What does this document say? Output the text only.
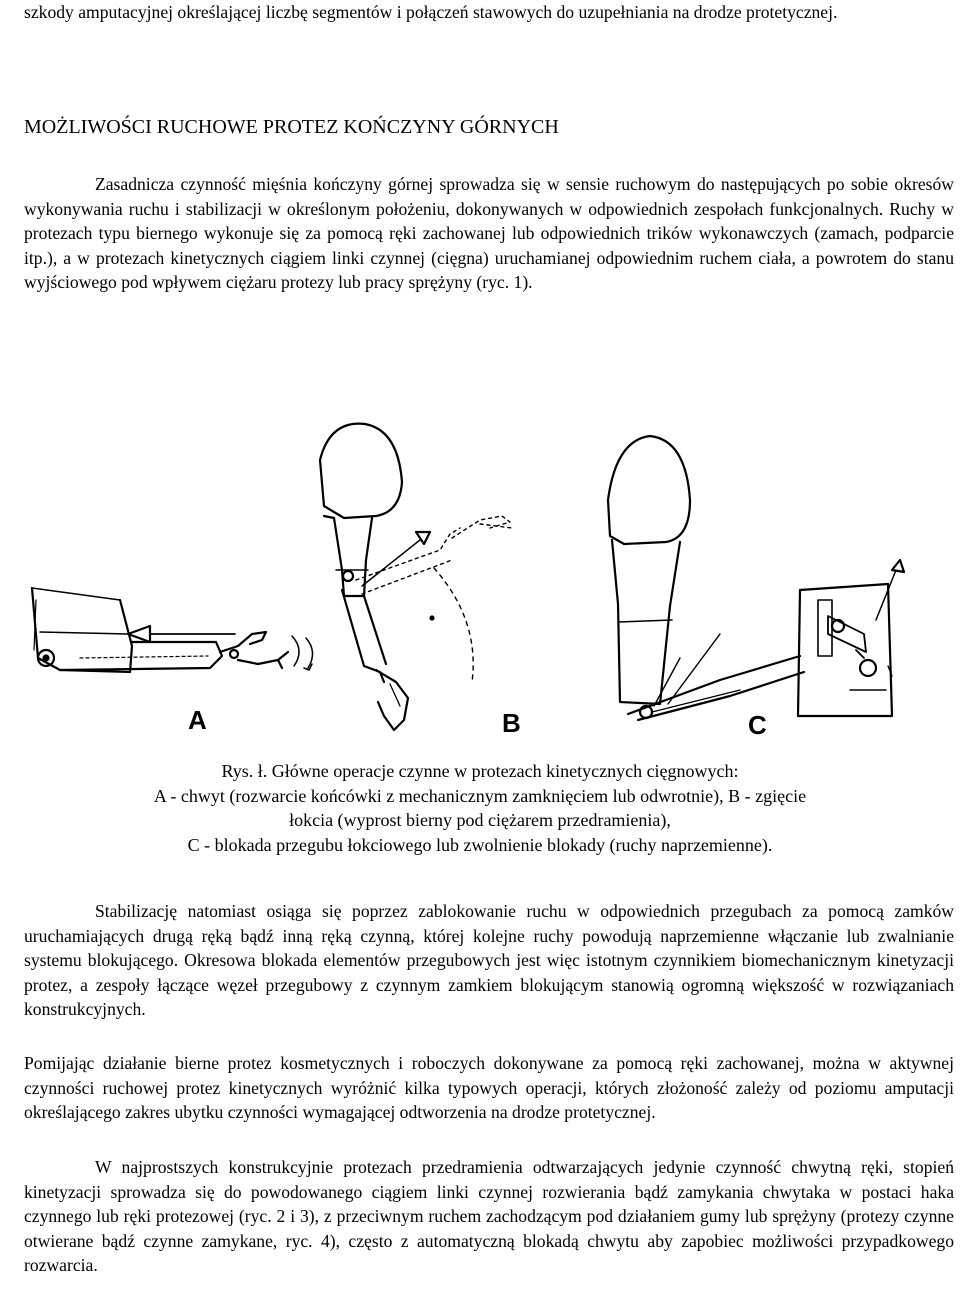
szkody amputacyjnej określającej liczbę segmentów i połączeń stawowych do uzupełniania na drodze protetycznej.

MOŻLIWOŚCI RUCHOWE PROTEZ KOŃCZYNY GÓRNYCH

Zasadnicza czynność mięśnia kończyny górnej sprowadza się w sensie ruchowym do następujących po sobie okresów wykonywania ruchu i stabilizacji w określonym położeniu, dokonywanych w odpowiednich zespołach funkcjonalnych. Ruchy w protezach typu biernego wykonuje się za pomocą ręki zachowanej lub odpowiednich trików wykonawczych (zamach, podparcie itp.), a w protezach kinetycznych ciągiem linki czynnej (cięgna) uruchamianej odpowiednim ruchem ciała, a powrotem do stanu wyjściowego pod wpływem ciężaru protezy lub pracy sprężyny (ryc. 1).

A	B	C
Rys. ł. Główne operacje czynne w protezach kinetycznych cięgnowych:
A - chwyt (rozwarcie końcówki z mechanicznym zamknięciem lub odwrotnie), B - zgięcie
łokcia (wyprost bierny pod ciężarem przedramienia),
C - blokada przegubu łokciowego lub zwolnienie blokady (ruchy naprzemienne).

Stabilizację natomiast osiąga się poprzez zablokowanie ruchu w odpowiednich przegubach za pomocą zamków uruchamiających drugą ręką bądź inną ręką czynną, której kolejne ruchy powodują naprzemienne włączanie lub zwalnianie systemu blokującego. Okresowa blokada elementów przegubowych jest więc istotnym czynnikiem biomechanicznym kinetyzacji protez, a zespoły łączące węzeł przegubowy z czynnym zamkiem blokującym stanowią ogromną większość w rozwiązaniach konstrukcyjnych.

Pomijając działanie bierne protez kosmetycznych i roboczych dokonywane za pomocą ręki zachowanej, można w aktywnej czynności ruchowej protez kinetycznych wyróżnić kilka typowych operacji, których złożoność zależy od poziomu amputacji określającego zakres ubytku czynności wymagającej odtworzenia na drodze protetycznej.

W najprostszych konstrukcyjnie protezach przedramienia odtwarzających jedynie czynność chwytną ręki, stopień kinetyzacji sprowadza się do powodowanego ciągiem linki czynnej rozwierania bądź zamykania chwytaka w postaci haka czynnego lub ręki protezowej (ryc. 2 i 3), z przeciwnym ruchem zachodzącym pod działaniem gumy lub sprężyny (protezy czynne otwierane bądź czynne zamykane, ryc. 4), często z automatyczną blokadą chwytu aby zapobiec możliwości przypadkowego rozwarcia.
